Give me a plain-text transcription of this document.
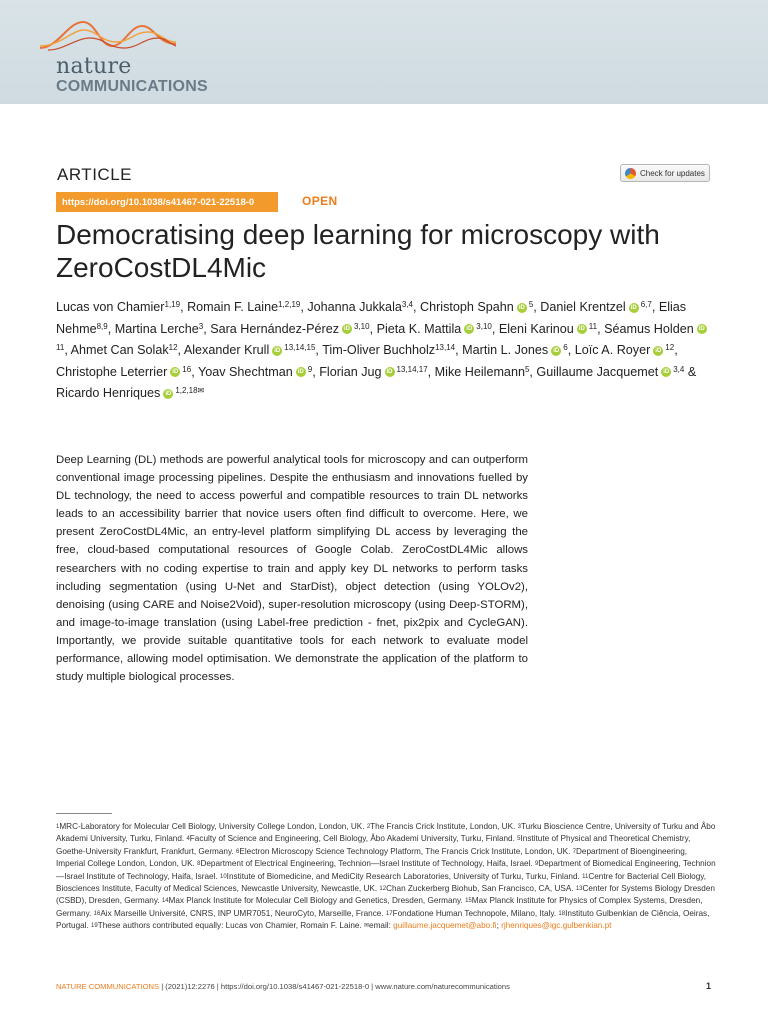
nature
COMMUNICATIONS
ARTICLE	Check for updates
https://doi.org/10.1038/s41467-021-22518-0	OPEN
Democratising deep learning for microscopy with ZeroCostDL4Mic
Lucas von Chamier$^{1,19}$, Romain F. Laine$^{1,2,19}$, Johanna Jukkala$^{3,4}$, Christoph Spahn iD $^5$, Daniel Krentzel iD $^{6,7}$, Elias Nehme$^{8,9}$, Martina Lerche$^3$, Sara Hernández-Pérez iD $^{3,10}$, Pieta K. Mattila iD $^{3,10}$, Eleni Karinou iD $^{11}$, Séamus Holden $iD^{11}$, Ahmet Can Solak$^{12}$, Alexander Krull iD $^{13,14,15}$, Tim-Oliver Buchholz$^{13,14}$, Martin L. Jones iD $^6$, Loïc A. Royer iD $^{12}$, Christophe Leterrier iD $^{16}$, Yoav Shechtman iD $^9$, Florian Jug iD $^{13,14,17}$, Mike Heilemann$^5$, Guillaume Jacquemet iD $^{3,4}$ & Ricardo Henriques iD $^{1,2,18✉}$

Deep Learning (DL) methods are powerful analytical tools for microscopy and can outperform conventional image processing pipelines. Despite the enthusiasm and innovations fuelled by DL technology, the need to access powerful and compatible resources to train DL networks leads to an accessibility barrier that novice users often find difficult to overcome. Here, we present ZeroCostDL4Mic, an entry-level platform simplifying DL access by leveraging the free, cloud-based computational resources of Google Colab. ZeroCostDL4Mic allows researchers with no coding expertise to train and apply key DL networks to perform tasks including segmentation (using U-Net and StarDist), object detection (using YOLOv2), denoising (using CARE and Noise2Void), super-resolution microscopy (using Deep-STORM), and image-to-image translation (using Label-free prediction - fnet, pix2pix and CycleGAN). Importantly, we provide suitable quantitative tools for each network to evaluate model performance, allowing model optimisation. We demonstrate the application of the platform to study multiple biological processes.

$^1$MRC-Laboratory for Molecular Cell Biology, University College London, London, UK. $^2$The Francis Crick Institute, London, UK. $^3$Turku Bioscience Centre, University of Turku and Åbo Akademi University, Turku, Finland. $^4$Faculty of Science and Engineering, Cell Biology, Åbo Akademi University, Turku, Finland. $^5$Institute of Physical and Theoretical Chemistry, Goethe-University Frankfurt, Frankfurt, Germany. $^6$Electron Microscopy Science Technology Platform, The Francis Crick Institute, London, UK. $^7$Department of Bioengineering, Imperial College London, London, UK. $^8$Department of Electrical Engineering, Technion—Israel Institute of Technology, Haifa, Israel. $^9$Department of Biomedical Engineering, Technion—Israel Institute of Technology, Haifa, Israel. $^{10}$Institute of Biomedicine, and MediCity Research Laboratories, University of Turku, Turku, Finland. $^{11}$Centre for Bacterial Cell Biology, Biosciences Institute, Faculty of Medical Sciences, Newcastle University, Newcastle, UK. $^{12}$Chan Zuckerberg Biohub, San Francisco, CA, USA. $^{13}$Center for Systems Biology Dresden (CSBD), Dresden, Germany. $^{14}$Max Planck Institute for Molecular Cell Biology and Genetics, Dresden, Germany. $^{15}$Max Planck Institute for Physics of Complex Systems, Dresden, Germany. $^{16}$Aix Marseille Université, CNRS, INP UMR7051, NeuroCyto, Marseille, France. $^{17}$Fondatione Human Technopole, Milano, Italy. $^{18}$Instituto Gulbenkian de Ciência, Oeiras, Portugal. $^{19}$These authors contributed equally: Lucas von Chamier, Romain F. Laine. ✉email: guillaume.jacquemet@abo.fi; rjhenriques@igc.gulbenkian.pt

NATURE COMMUNICATIONS | (2021)12:2276 | https://doi.org/10.1038/s41467-021-22518-0 | www.nature.com/naturecommunications	1
